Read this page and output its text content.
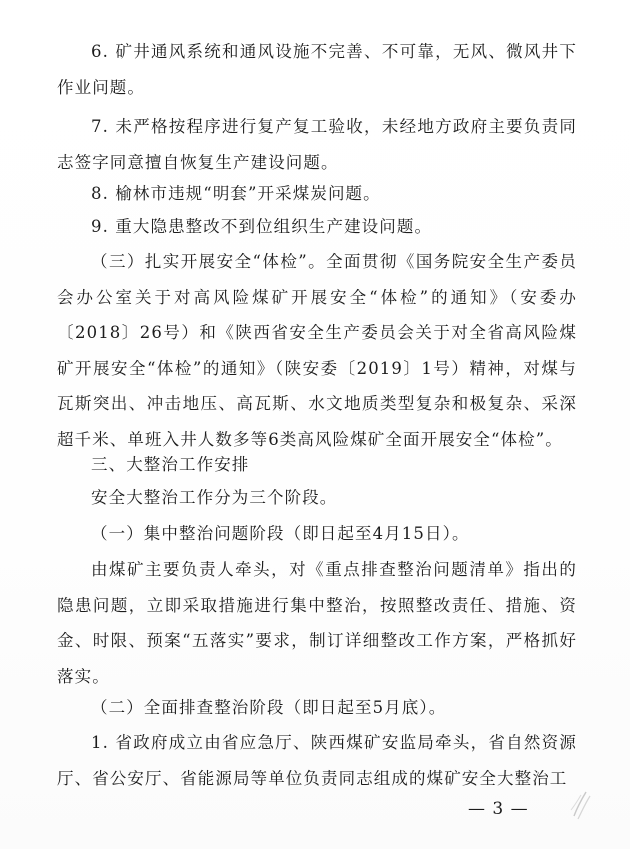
6. 矿井通风系统和通风设施不完善、不可靠，无风、微风井下作业问题。

7. 未严格按程序进行复产复工验收，未经地方政府主要负责同志签字同意擅自恢复生产建设问题。

8. 榆林市违规“明套”开采煤炭问题。

9. 重大隐患整改不到位组织生产建设问题。

（三）扎实开展安全“体检”。全面贯彻《国务院安全生产委员会办公室关于对高风险煤矿开展安全“体检”的通知》（安委办〔2018〕26号）和《陕西省安全生产委员会关于对全省高风险煤矿开展安全“体检”的通知》（陕安委〔2019〕1号）精神，对煤与瓦斯突出、冲击地压、高瓦斯、水文地质类型复杂和极复杂、采深超千米、单班入井人数多等6类高风险煤矿全面开展安全“体检”。

三、大整治工作安排

安全大整治工作分为三个阶段。

（一）集中整治问题阶段（即日起至4月15日）。

由煤矿主要负责人牵头，对《重点排查整治问题清单》指出的隐患问题，立即采取措施进行集中整治，按照整改责任、措施、资金、时限、预案“五落实”要求，制订详细整改工作方案，严格抓好落实。

（二）全面排查整治阶段（即日起至5月底）。

1. 省政府成立由省应急厅、陕西煤矿安监局牵头，省自然资源厅、省公安厅、省能源局等单位负责同志组成的煤矿安全大整治工

— 3 —
